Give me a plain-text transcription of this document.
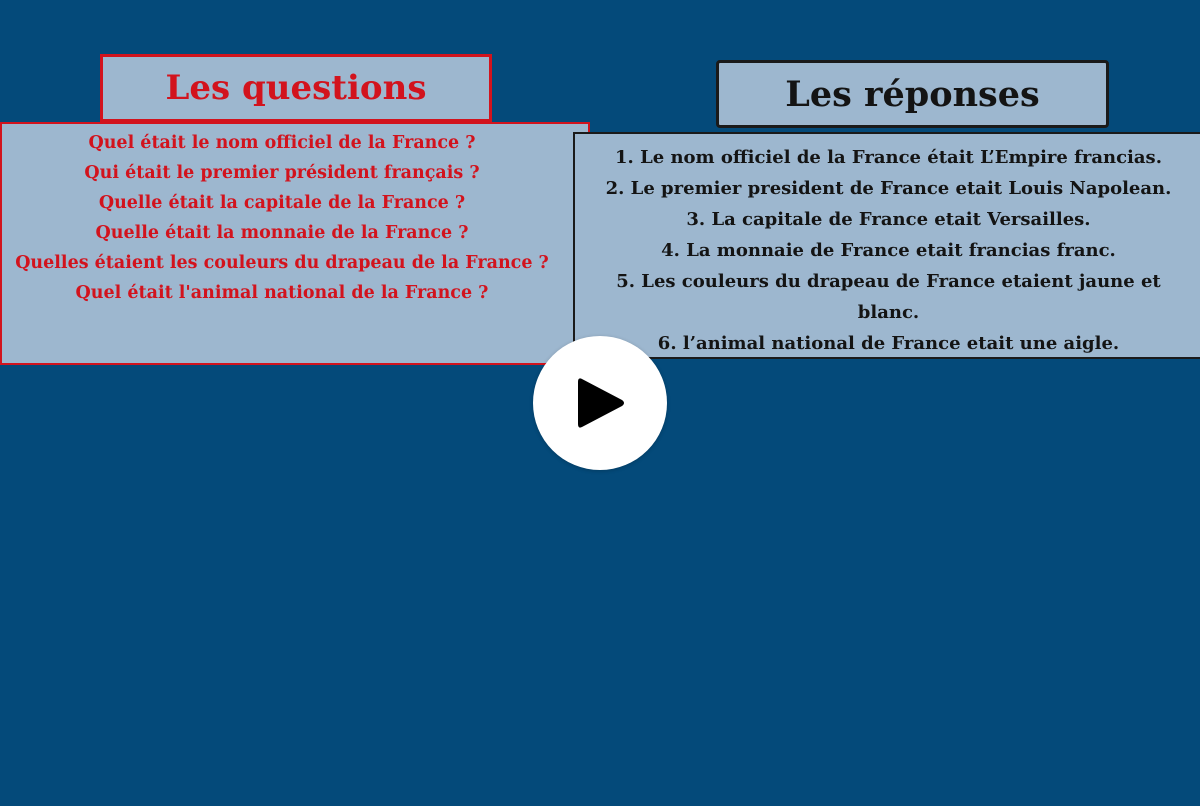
Les questions
Quel était le nom officiel de la France ?
Qui était le premier président français ?
Quelle était la capitale de la France ?
Quelle était la monnaie de la France ?
Quelles étaient les couleurs du drapeau de la France ?
Quel était l'animal national de la France ?
Les réponses
1. Le nom officiel de la France était L’Empire francias.
2. Le premier president de France etait Louis Napolean.
3. La capitale de France etait Versailles.
4. La monnaie de France etait francias franc.
5. Les couleurs du drapeau de France etaient jaune et
blanc.
6. l’animal national de France etait une aigle.
